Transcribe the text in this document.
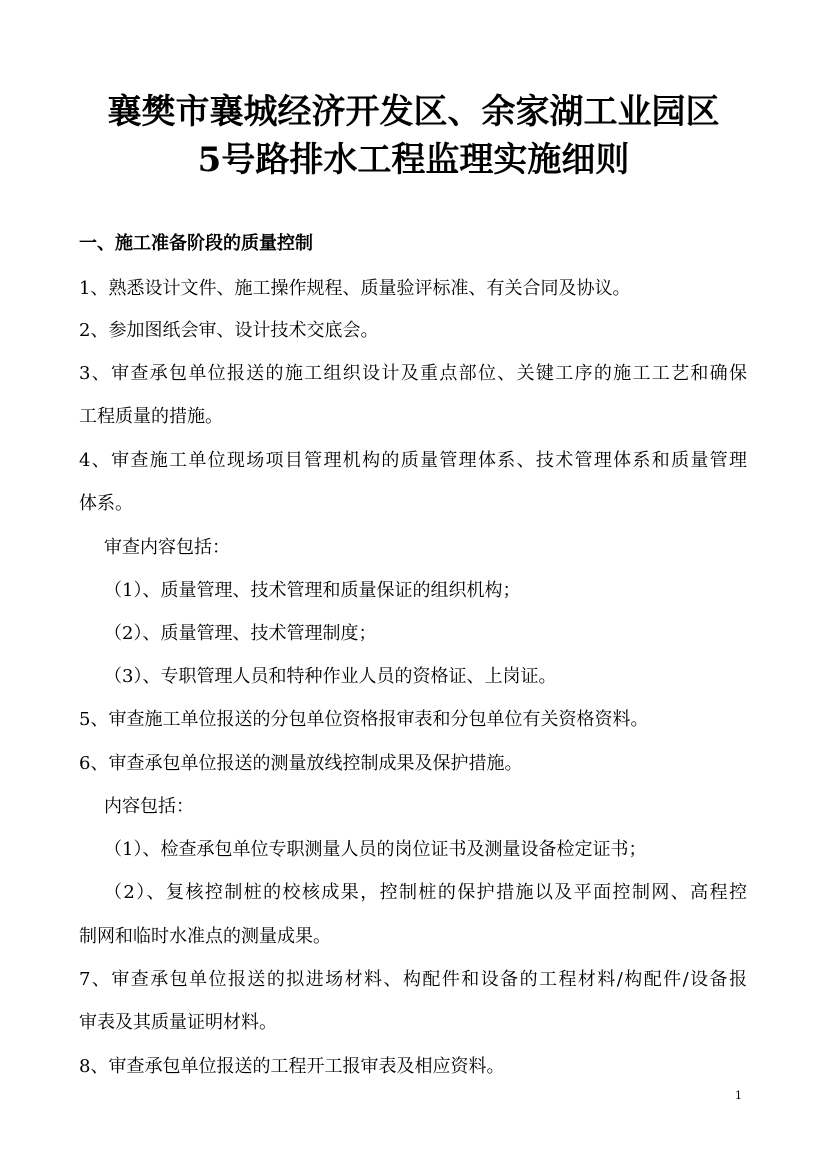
襄樊市襄城经济开发区、余家湖工业园区
5号路排水工程监理实施细则
一、施工准备阶段的质量控制
1、熟悉设计文件、施工操作规程、质量验评标准、有关合同及协议。
2、参加图纸会审、设计技术交底会。
3、审查承包单位报送的施工组织设计及重点部位、关键工序的施工工艺和确保
工程质量的措施。
4、审查施工单位现场项目管理机构的质量管理体系、技术管理体系和质量管理
体系。
审查内容包括：
（1）、质量管理、技术管理和质量保证的组织机构；
（2）、质量管理、技术管理制度；
（3）、专职管理人员和特种作业人员的资格证、上岗证。
5、审查施工单位报送的分包单位资格报审表和分包单位有关资格资料。
6、审查承包单位报送的测量放线控制成果及保护措施。
内容包括：
（1）、检查承包单位专职测量人员的岗位证书及测量设备检定证书；
（2）、复核控制桩的校核成果，控制桩的保护措施以及平面控制网、高程控
制网和临时水准点的测量成果。
7、审查承包单位报送的拟进场材料、构配件和设备的工程材料/构配件/设备报
审表及其质量证明材料。
8、审查承包单位报送的工程开工报审表及相应资料。
1
